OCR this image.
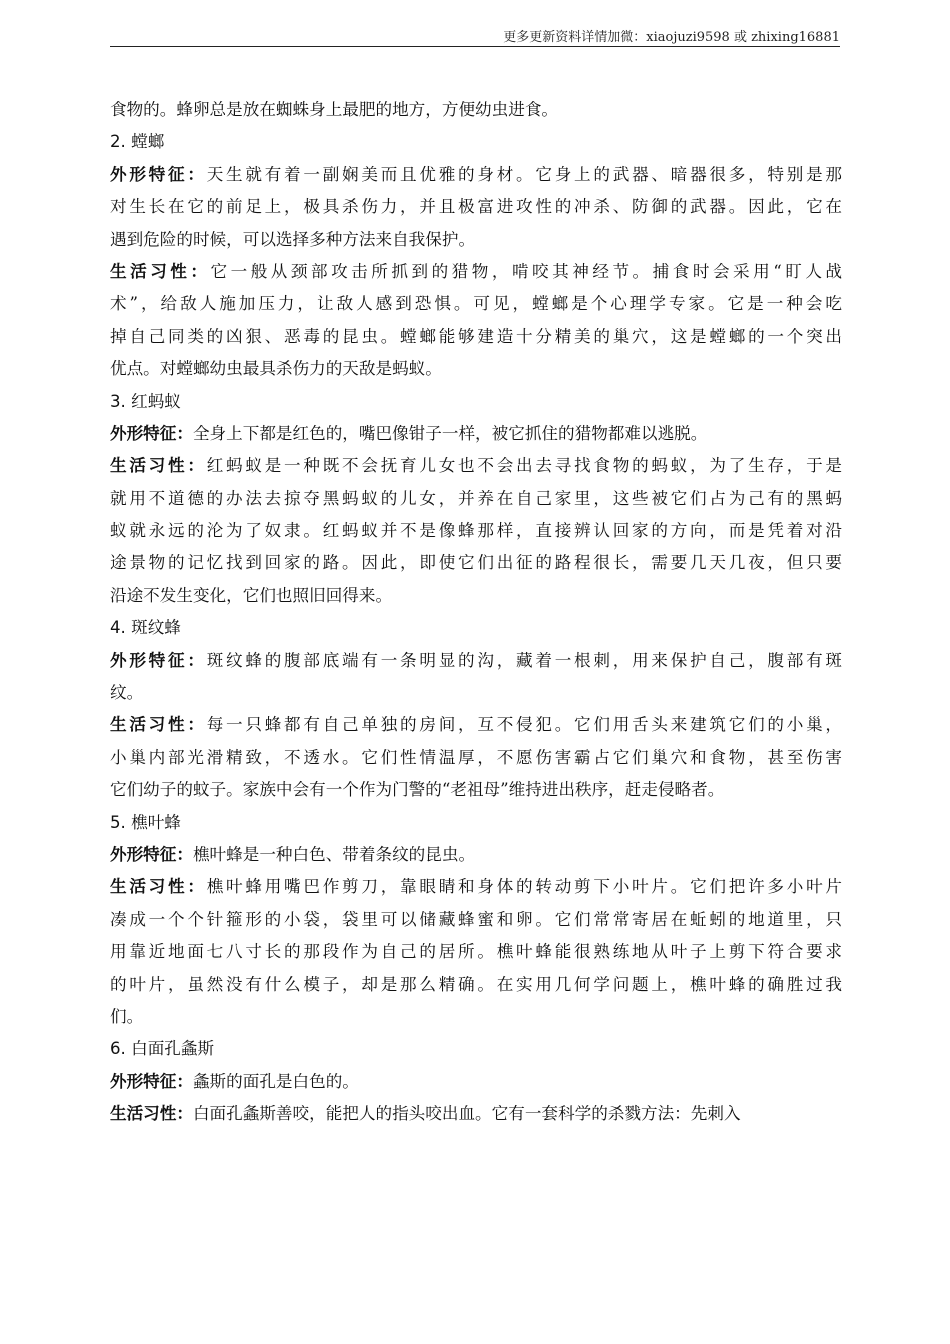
更多更新资料详情加微：xiaojuzi9598 或 zhixing16881
食物的。蜂卵总是放在蜘蛛身上最肥的地方，方便幼虫进食。
2. 螳螂
外形特征：天生就有着一副娴美而且优雅的身材。它身上的武器、暗器很多，特别是那
对生长在它的前足上，极具杀伤力，并且极富进攻性的冲杀、防御的武器。因此，它在
遇到危险的时候，可以选择多种方法来自我保护。
生活习性：它一般从颈部攻击所抓到的猎物，啃咬其神经节。捕食时会采用“盯人战
术”，给敌人施加压力，让敌人感到恐惧。可见，螳螂是个心理学专家。它是一种会吃
掉自己同类的凶狠、恶毒的昆虫。螳螂能够建造十分精美的巢穴，这是螳螂的一个突出
优点。对螳螂幼虫最具杀伤力的天敌是蚂蚁。
3. 红蚂蚁
外形特征：全身上下都是红色的，嘴巴像钳子一样，被它抓住的猎物都难以逃脱。
生活习性：红蚂蚁是一种既不会抚育儿女也不会出去寻找食物的蚂蚁，为了生存，于是
就用不道德的办法去掠夺黑蚂蚁的儿女，并养在自己家里，这些被它们占为己有的黑蚂
蚁就永远的沦为了奴隶。红蚂蚁并不是像蜂那样，直接辨认回家的方向，而是凭着对沿
途景物的记忆找到回家的路。因此，即使它们出征的路程很长，需要几天几夜，但只要
沿途不发生变化，它们也照旧回得来。
4. 斑纹蜂
外形特征：斑纹蜂的腹部底端有一条明显的沟，藏着一根刺，用来保护自己，腹部有斑
纹。
生活习性：每一只蜂都有自己单独的房间，互不侵犯。它们用舌头来建筑它们的小巢，
小巢内部光滑精致，不透水。它们性情温厚，不愿伤害霸占它们巢穴和食物，甚至伤害
它们幼子的蚊子。家族中会有一个作为门警的“老祖母”维持进出秩序，赶走侵略者。
5. 樵叶蜂
外形特征：樵叶蜂是一种白色、带着条纹的昆虫。
生活习性：樵叶蜂用嘴巴作剪刀，靠眼睛和身体的转动剪下小叶片。它们把许多小叶片
凑成一个个针箍形的小袋，袋里可以储藏蜂蜜和卵。它们常常寄居在蚯蚓的地道里，只
用靠近地面七八寸长的那段作为自己的居所。樵叶蜂能很熟练地从叶子上剪下符合要求
的叶片，虽然没有什么模子，却是那么精确。在实用几何学问题上，樵叶蜂的确胜过我
们。
6. 白面孔螽斯
外形特征：螽斯的面孔是白色的。
生活习性：白面孔螽斯善咬，能把人的指头咬出血。它有一套科学的杀戮方法：先刺入
